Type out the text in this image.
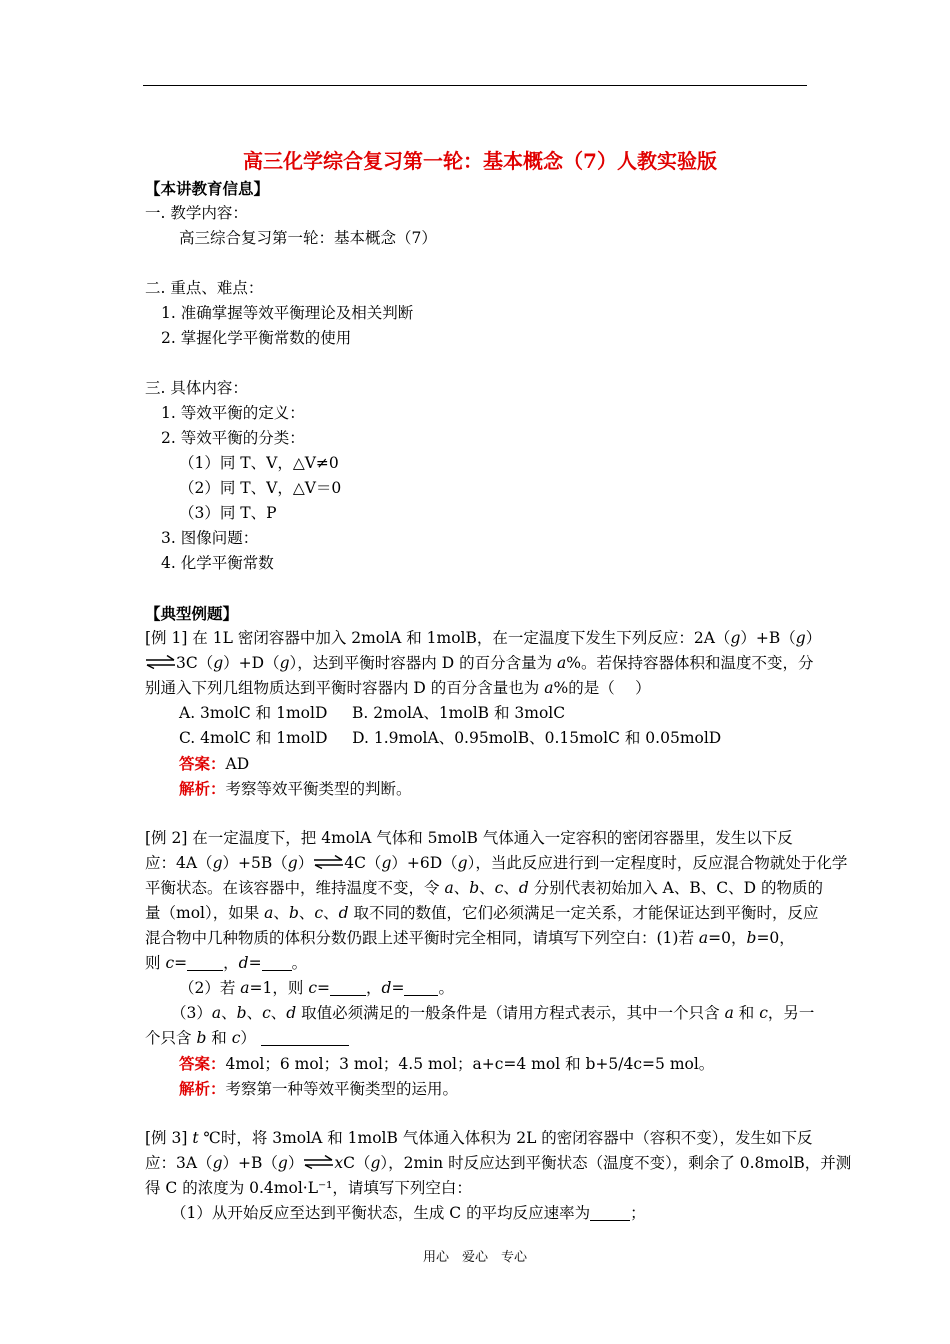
高三化学综合复习第一轮：基本概念（7）人教实验版
【本讲教育信息】
一. 教学内容：
高三综合复习第一轮：基本概念（7）
二. 重点、难点：
1. 准确掌握等效平衡理论及相关判断
2. 掌握化学平衡常数的使用
三. 具体内容：
1. 等效平衡的定义：
2. 等效平衡的分类：
（1）同 T、V，△V≠0
（2）同 T、V，△V＝0
（3）同 T、P
3. 图像问题：
4. 化学平衡常数
【典型例题】
[例 1] 在 1L 密闭容器中加入 2molA 和 1molB，在一定温度下发生下列反应：2A（g）+B（g）
⇌3C（g）+D（g），达到平衡时容器内 D 的百分含量为 a%。若保持容器体积和温度不变，分
别通入下列几组物质达到平衡时容器内 D 的百分含量也为 a%的是（　 ）
A. 3molC 和 1molD B. 2molA、1molB 和 3molC
C. 4molC 和 1molD D. 1.9molA、0.95molB、0.15molC 和 0.05molD
答案：AD
解析：考察等效平衡类型的判断。
[例 2] 在一定温度下，把 4molA 气体和 5molB 气体通入一定容积的密闭容器里，发生以下反
应：4A（g）+5B（g）⇌4C（g）+6D（g），当此反应进行到一定程度时，反应混合物就处于化学
平衡状态。在该容器中，维持温度不变，令 a、b、c、d 分别代表初始加入 A、B、C、D 的物质的
量（mol），如果 a、b、c、d 取不同的数值，它们必须满足一定关系，才能保证达到平衡时，反应
混合物中几种物质的体积分数仍跟上述平衡时完全相同，请填写下列空白：(1)若 a=0，b=0，
则 c= ，d= 。
（2）若 a=1，则 c= ，d= 。
（3）a、b、c、d 取值必须满足的一般条件是（请用方程式表示，其中一个只含 a 和 c，另一
个只含 b 和 c）
答案：4mol；6 mol；3 mol；4.5 mol；a+c=4 mol 和 b+5/4c=5 mol。
解析：考察第一种等效平衡类型的运用。
[例 3] t ℃时，将 3molA 和 1molB 气体通入体积为 2L 的密闭容器中（容积不变），发生如下反
应：3A（g）+B（g）⇌xC（g），2min 时反应达到平衡状态（温度不变），剩余了 0.8molB，并测
得 C 的浓度为 0.4mol·L⁻¹，请填写下列空白：
（1）从开始反应至达到平衡状态，生成 C 的平均反应速率为	；
用心　爱心　专心
